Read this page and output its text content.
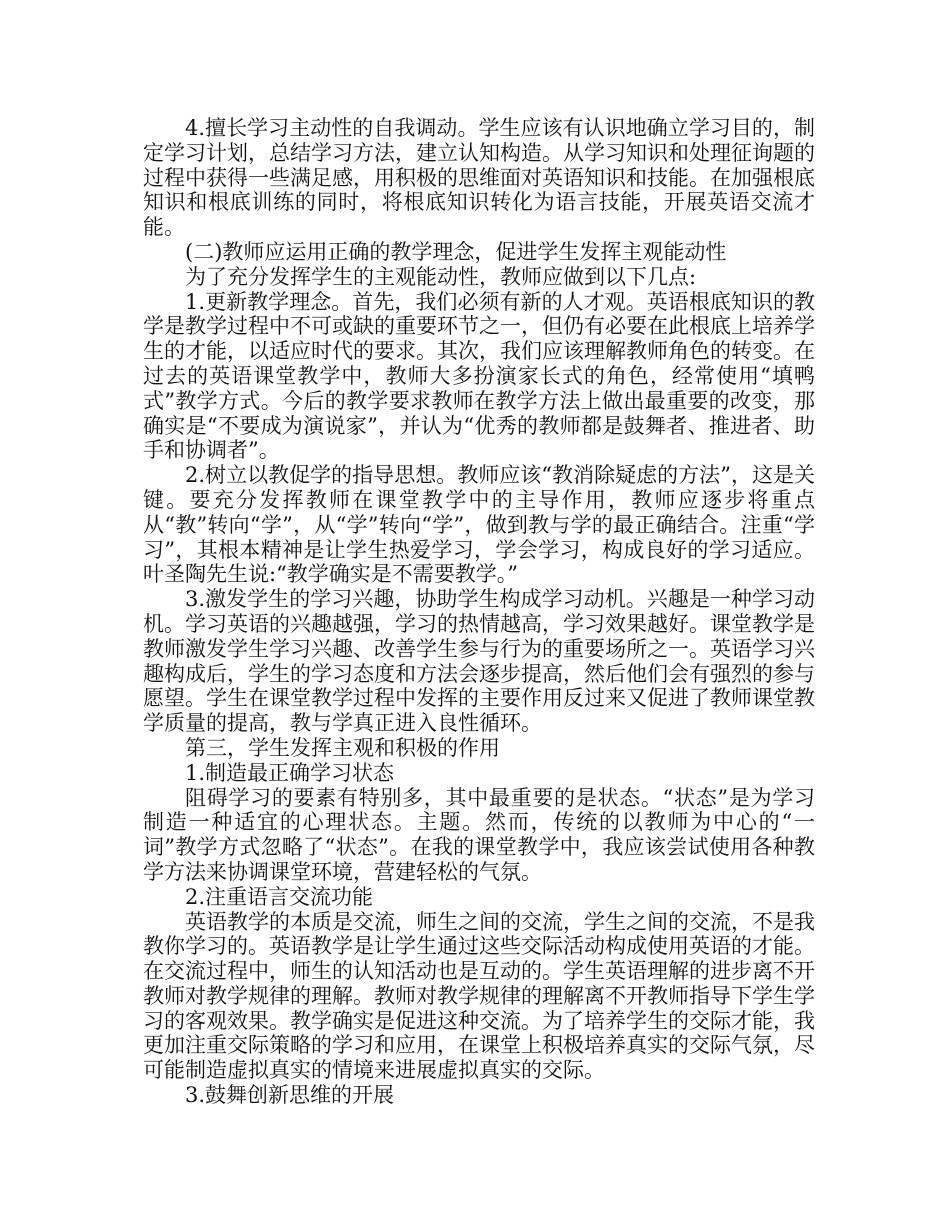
4.擅长学习主动性的自我调动。学生应该有认识地确立学习目的，制定学习计划，总结学习方法，建立认知构造。从学习知识和处理征询题的过程中获得一些满足感，用积极的思维面对英语知识和技能。在加强根底知识和根底训练的同时，将根底知识转化为语言技能，开展英语交流才能。

(二)教师应运用正确的教学理念，促进学生发挥主观能动性

为了充分发挥学生的主观能动性，教师应做到以下几点:

1.更新教学理念。首先，我们必须有新的人才观。英语根底知识的教学是教学过程中不可或缺的重要环节之一，但仍有必要在此根底上培养学生的才能，以适应时代的要求。其次，我们应该理解教师角色的转变。在过去的英语课堂教学中，教师大多扮演家长式的角色，经常使用“填鸭式”教学方式。今后的教学要求教师在教学方法上做出最重要的改变，那确实是“不要成为演说家”，并认为“优秀的教师都是鼓舞者、推进者、助手和协调者”。

2.树立以教促学的指导思想。教师应该“教消除疑虑的方法”，这是关键。要充分发挥教师在课堂教学中的主导作用，教师应逐步将重点从“教”转向“学”，从“学”转向“学”，做到教与学的最正确结合。注重“学习”，其根本精神是让学生热爱学习，学会学习，构成良好的学习适应。叶圣陶先生说:“教学确实是不需要教学。”

3.激发学生的学习兴趣，协助学生构成学习动机。兴趣是一种学习动机。学习英语的兴趣越强，学习的热情越高，学习效果越好。课堂教学是教师激发学生学习兴趣、改善学生参与行为的重要场所之一。英语学习兴趣构成后，学生的学习态度和方法会逐步提高，然后他们会有强烈的参与愿望。学生在课堂教学过程中发挥的主要作用反过来又促进了教师课堂教学质量的提高，教与学真正进入良性循环。

第三，学生发挥主观和积极的作用

1.制造最正确学习状态

阻碍学习的要素有特别多，其中最重要的是状态。“状态”是为学习制造一种适宜的心理状态。主题。然而，传统的以教师为中心的“一词”教学方式忽略了“状态”。在我的课堂教学中，我应该尝试使用各种教学方法来协调课堂环境，营建轻松的气氛。

2.注重语言交流功能

英语教学的本质是交流，师生之间的交流，学生之间的交流，不是我教你学习的。英语教学是让学生通过这些交际活动构成使用英语的才能。在交流过程中，师生的认知活动也是互动的。学生英语理解的进步离不开教师对教学规律的理解。教师对教学规律的理解离不开教师指导下学生学习的客观效果。教学确实是促进这种交流。为了培养学生的交际才能，我更加注重交际策略的学习和应用，在课堂上积极培养真实的交际气氛，尽可能制造虚拟真实的情境来进展虚拟真实的交际。

3.鼓舞创新思维的开展
